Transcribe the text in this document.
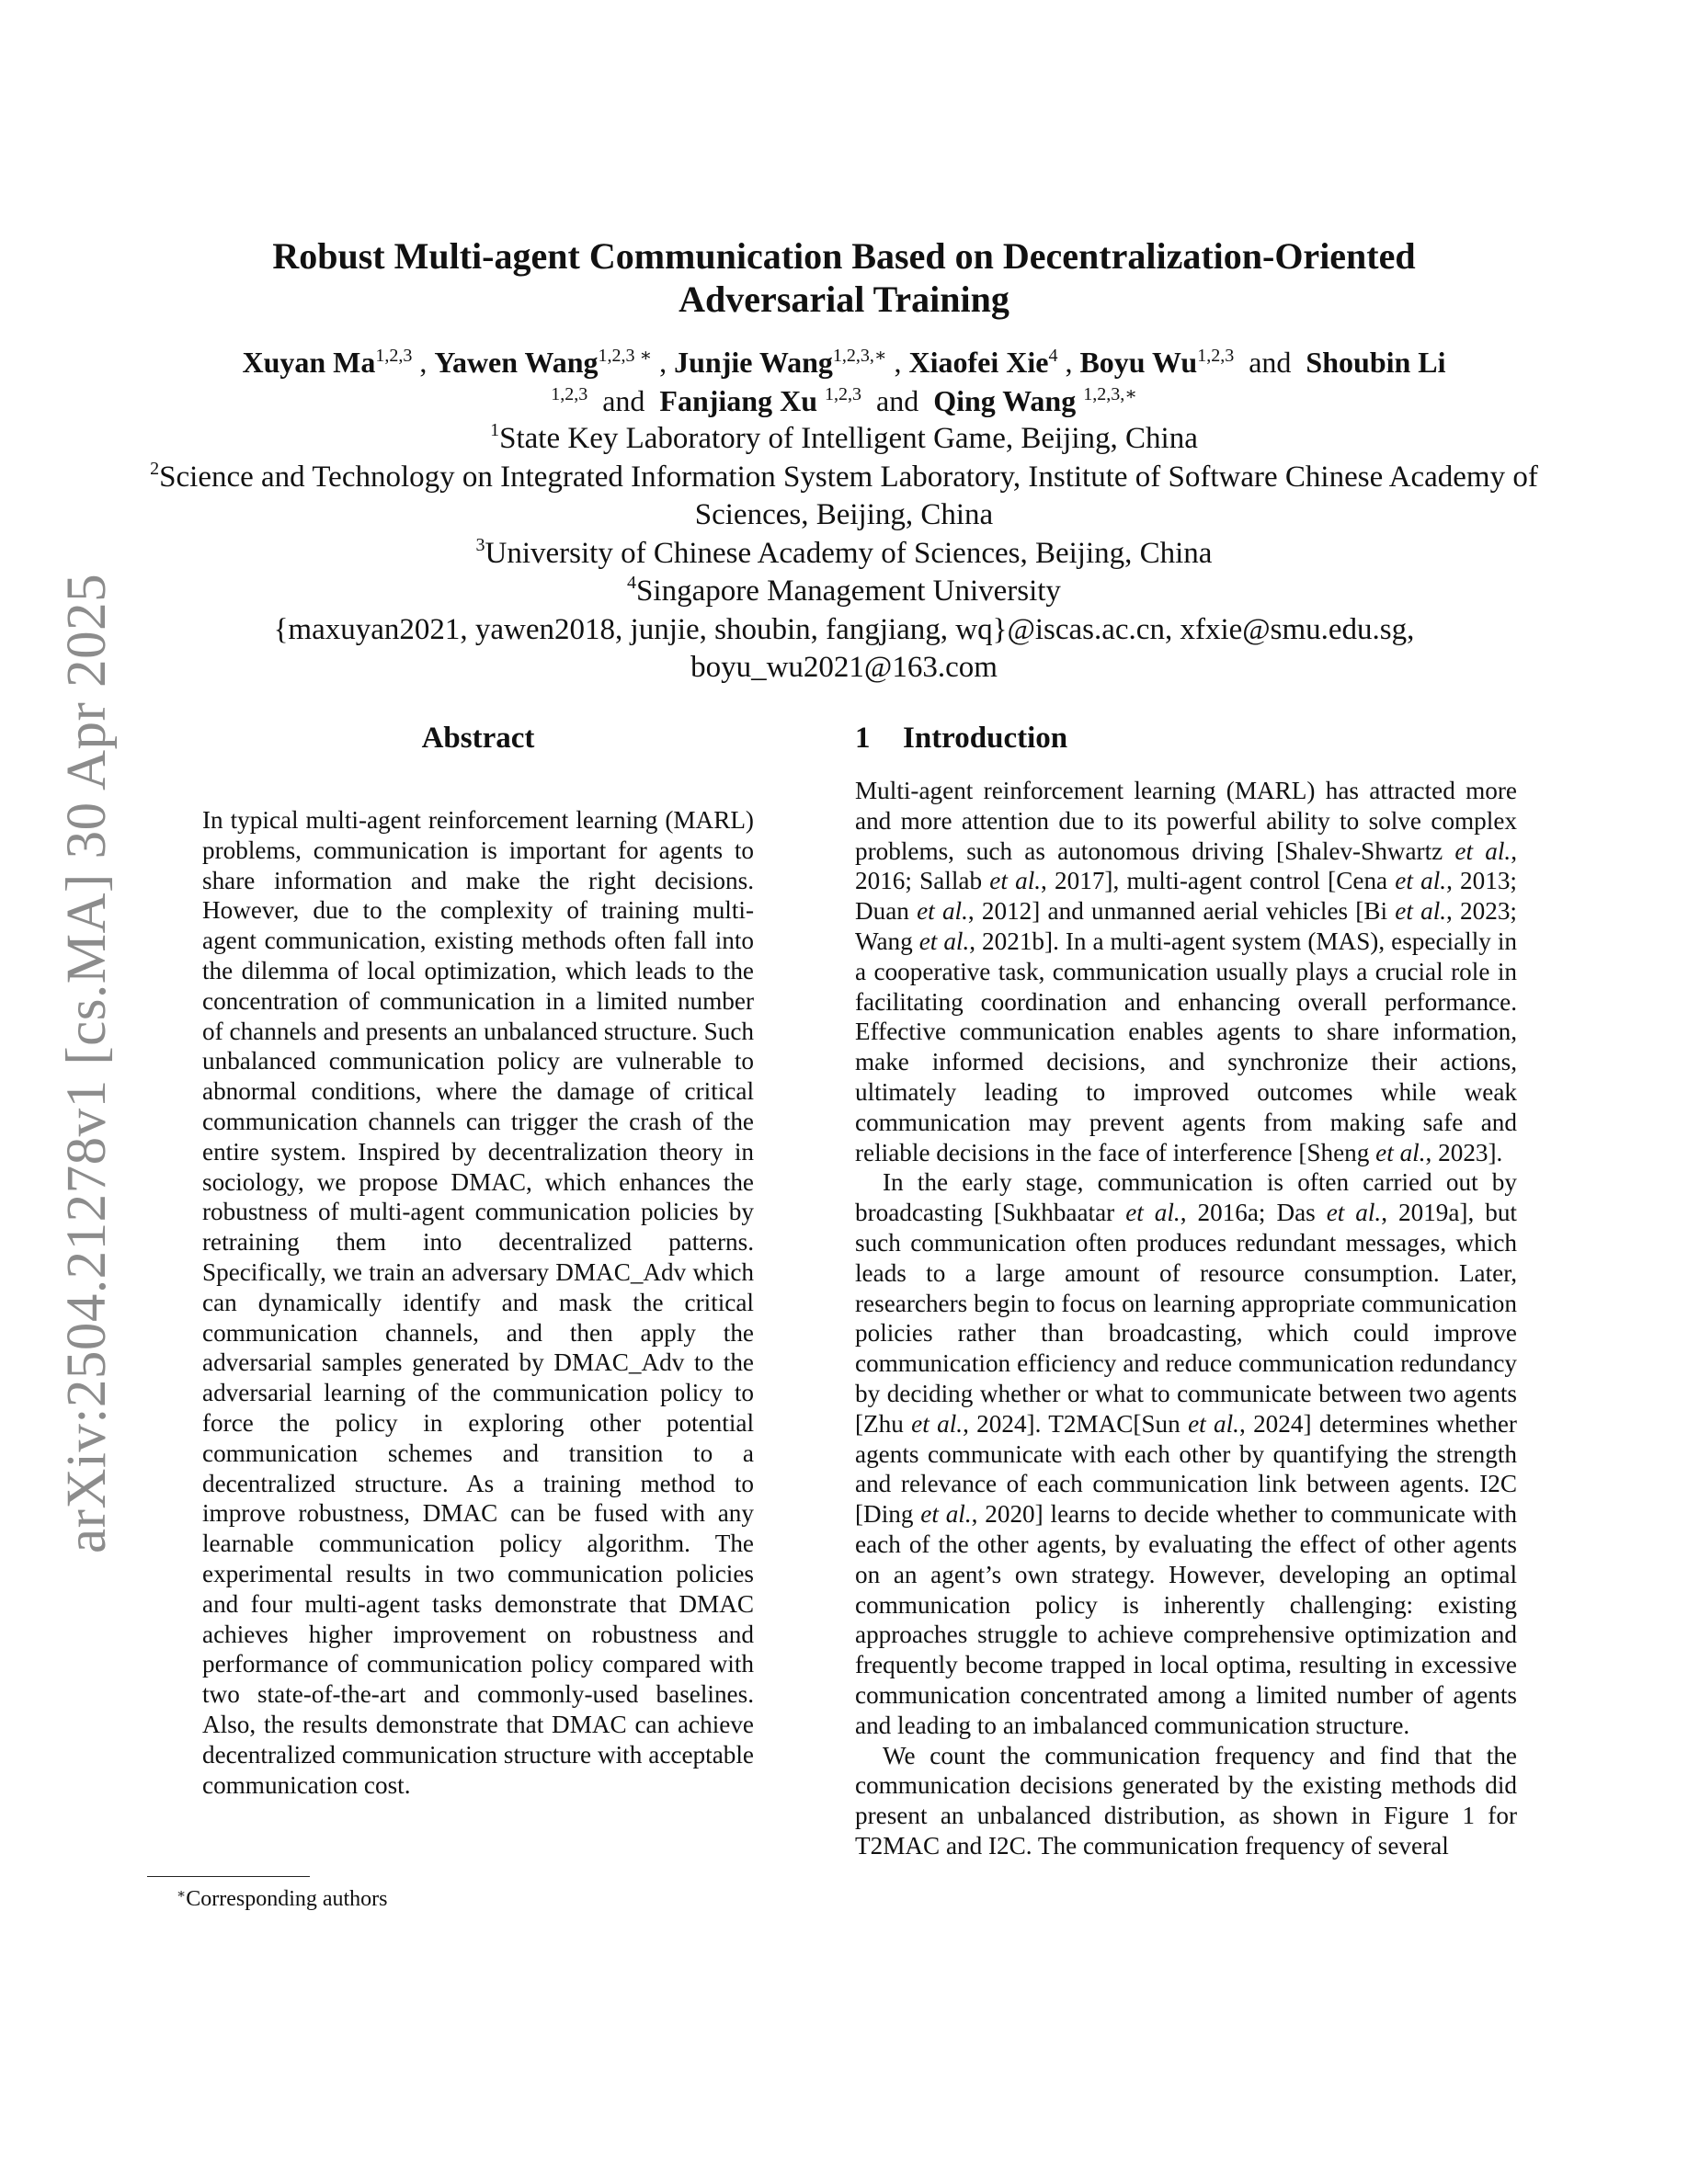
arXiv:2504.21278v1 [cs.MA] 30 Apr 2025
Robust Multi-agent Communication Based on Decentralization-Oriented
Adversarial Training
Xuyan Ma$^{1,2,3}$ , Yawen Wang$^{1,2,3 ∗}$ , Junjie Wang$^{1,2,3,∗}$ , Xiaofei Xie$^4$ , Boyu Wu$^{1,2,3}$ and Shoubin Li
$^{1,2,3}$ and Fanjiang Xu $^{1,2,3}$ and Qing Wang $^{1,2,3,∗}$
$^1$State Key Laboratory of Intelligent Game, Beijing, China
$^2$Science and Technology on Integrated Information System Laboratory, Institute of Software Chinese Academy of Sciences, Beijing, China
$^3$University of Chinese Academy of Sciences, Beijing, China
$^4$Singapore Management University
{maxuyan2021, yawen2018, junjie, shoubin, fangjiang, wq}@iscas.ac.cn, xfxie@smu.edu.sg,
boyu_wu2021@163.com
Abstract
In typical multi-agent reinforcement learning (MARL) problems, communication is important for agents to share information and make the right decisions. However, due to the complexity of training multi-agent communication, existing methods often fall into the dilemma of local optimization, which leads to the concentration of communication in a limited number of channels and presents an unbalanced structure. Such unbalanced communication policy are vulnerable to abnormal conditions, where the damage of critical communication channels can trigger the crash of the entire system. Inspired by decentralization theory in sociology, we propose DMAC, which enhances the robustness of multi-agent communication policies by retraining them into decentralized patterns. Specifically, we train an adversary DMAC_Adv which can dynamically identify and mask the critical communication channels, and then apply the adversarial samples generated by DMAC_Adv to the adversarial learning of the communication policy to force the policy in exploring other potential communication schemes and transition to a decentralized structure. As a training method to improve robustness, DMAC can be fused with any learnable communication policy algorithm. The experimental results in two communication policies and four multi-agent tasks demonstrate that DMAC achieves higher improvement on robustness and performance of communication policy compared with two state-of-the-art and commonly-used baselines. Also, the results demonstrate that DMAC can achieve decentralized communication structure with acceptable communication cost.
1 Introduction

Multi-agent reinforcement learning (MARL) has attracted more and more attention due to its powerful ability to solve complex problems, such as autonomous driving [Shalev-Shwartz et al., 2016; Sallab et al., 2017], multi-agent control [Cena et al., 2013; Duan et al., 2012] and unmanned aerial vehicles [Bi et al., 2023; Wang et al., 2021b]. In a multi-agent system (MAS), especially in a cooperative task, communication usually plays a crucial role in facilitating coordination and enhancing overall performance. Effective communication enables agents to share information, make informed decisions, and synchronize their actions, ultimately leading to improved outcomes while weak communication may prevent agents from making safe and reliable decisions in the face of interference [Sheng et al., 2023].

In the early stage, communication is often carried out by broadcasting [Sukhbaatar et al., 2016a; Das et al., 2019a], but such communication often produces redundant messages, which leads to a large amount of resource consumption. Later, researchers begin to focus on learning appropriate communication policies rather than broadcasting, which could improve communication efficiency and reduce communication redundancy by deciding whether or what to communicate between two agents [Zhu et al., 2024]. T2MAC[Sun et al., 2024] determines whether agents communicate with each other by quantifying the strength and relevance of each communication link between agents. I2C [Ding et al., 2020] learns to decide whether to communicate with each of the other agents, by evaluating the effect of other agents on an agent’s own strategy. However, developing an optimal communication policy is inherently challenging: existing approaches struggle to achieve comprehensive optimization and frequently become trapped in local optima, resulting in excessive communication concentrated among a limited number of agents and leading to an imbalanced communication structure.

We count the communication frequency and find that the communication decisions generated by the existing methods did present an unbalanced distribution, as shown in Figure 1 for T2MAC and I2C. The communication frequency of several

∗Corresponding authors
